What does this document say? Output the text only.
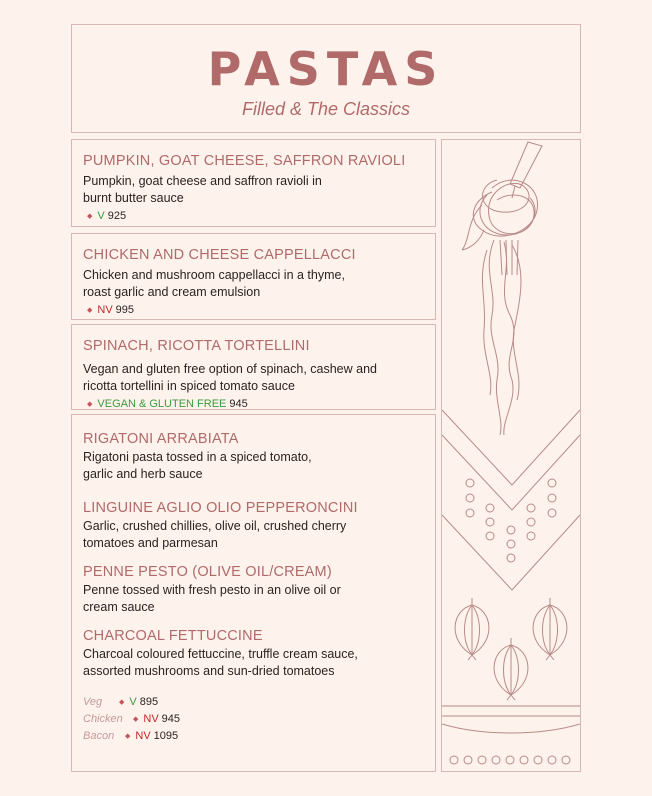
PASTAS
Filled & The Classics
PUMPKIN, GOAT CHEESE, SAFFRON RAVIOLI
Pumpkin, goat cheese and saffron ravioli in burnt butter sauce
◆ V 925
CHICKEN AND CHEESE CAPPELLACCI
Chicken and mushroom cappellacci in a thyme, roast garlic and cream emulsion
◆ NV 995
SPINACH, RICOTTA TORTELLINI
Vegan and gluten free option of spinach, cashew and ricotta tortellini in spiced tomato sauce
◆ VEGAN & GLUTEN FREE 945
RIGATONI ARRABIATA
Rigatoni pasta tossed in a spiced tomato, garlic and herb sauce
LINGUINE AGLIO OLIO PEPPERONCINI
Garlic, crushed chillies, olive oil, crushed cherry tomatoes and parmesan
PENNE PESTO (OLIVE OIL/CREAM)
Penne tossed with fresh pesto in an olive oil or cream sauce
CHARCOAL FETTUCCINE
Charcoal coloured fettuccine, truffle cream sauce, assorted mushrooms and sun-dried tomatoes
Veg ◆ V 895
Chicken ◆ NV 945
Bacon ◆ NV 1095
